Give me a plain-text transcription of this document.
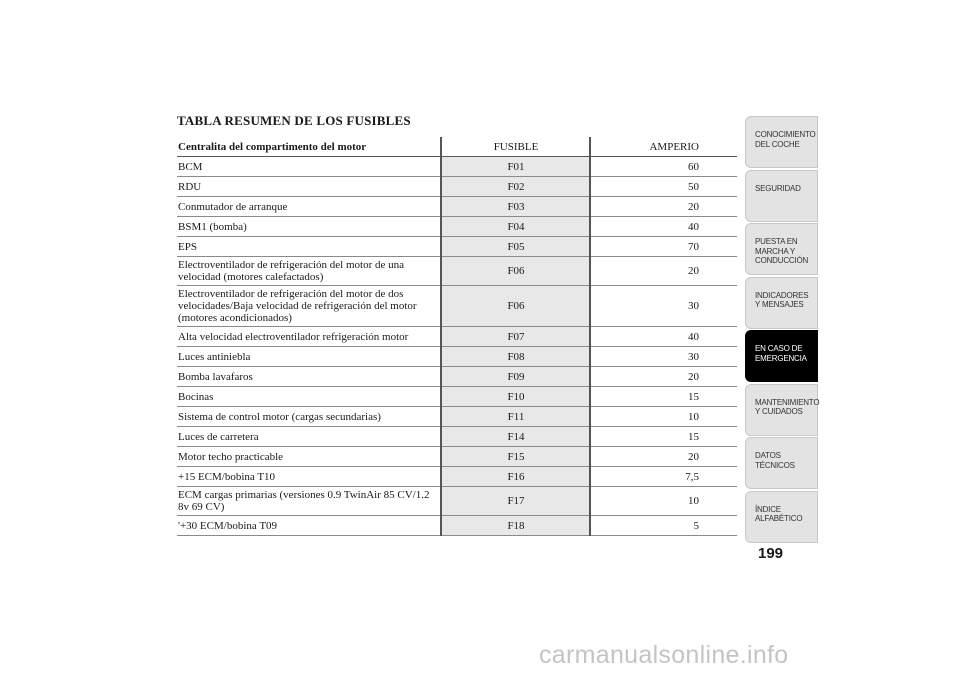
TABLA RESUMEN DE LOS FUSIBLES
Centralita del compartimento del motor	FUSIBLE	AMPERIO
BCM	F01	60
RDU	F02	50
Conmutador de arranque	F03	20
BSM1 (bomba)	F04	40
EPS	F05	70
Electroventilador de refrigeración del motor de una velocidad (motores calefactados)	F06	20
Electroventilador de refrigeración del motor de dos velocidades/Baja velocidad de refrigeración del motor (motores acondicionados)	F06	30
Alta velocidad electroventilador refrigeración motor	F07	40
Luces antiniebla	F08	30
Bomba lavafaros	F09	20
Bocinas	F10	15
Sistema de control motor (cargas secundarias)	F11	10
Luces de carretera	F14	15
Motor techo practicable	F15	20
+15 ECM/bobina T10	F16	7,5
ECM cargas primarias (versiones 0.9 TwinAir 85 CV/1.2 8v 69 CV)	F17	10
'+30 ECM/bobina T09	F18	5
CONOCIMIENTO DEL COCHE
SEGURIDAD
PUESTA EN MARCHA Y CONDUCCIÓN
INDICADORES Y MENSAJES
EN CASO DE EMERGENCIA
MANTENIMIENTO Y CUIDADOS
DATOS TÉCNICOS
ÍNDICE ALFABÉTICO
199
carmanualsonline.info
